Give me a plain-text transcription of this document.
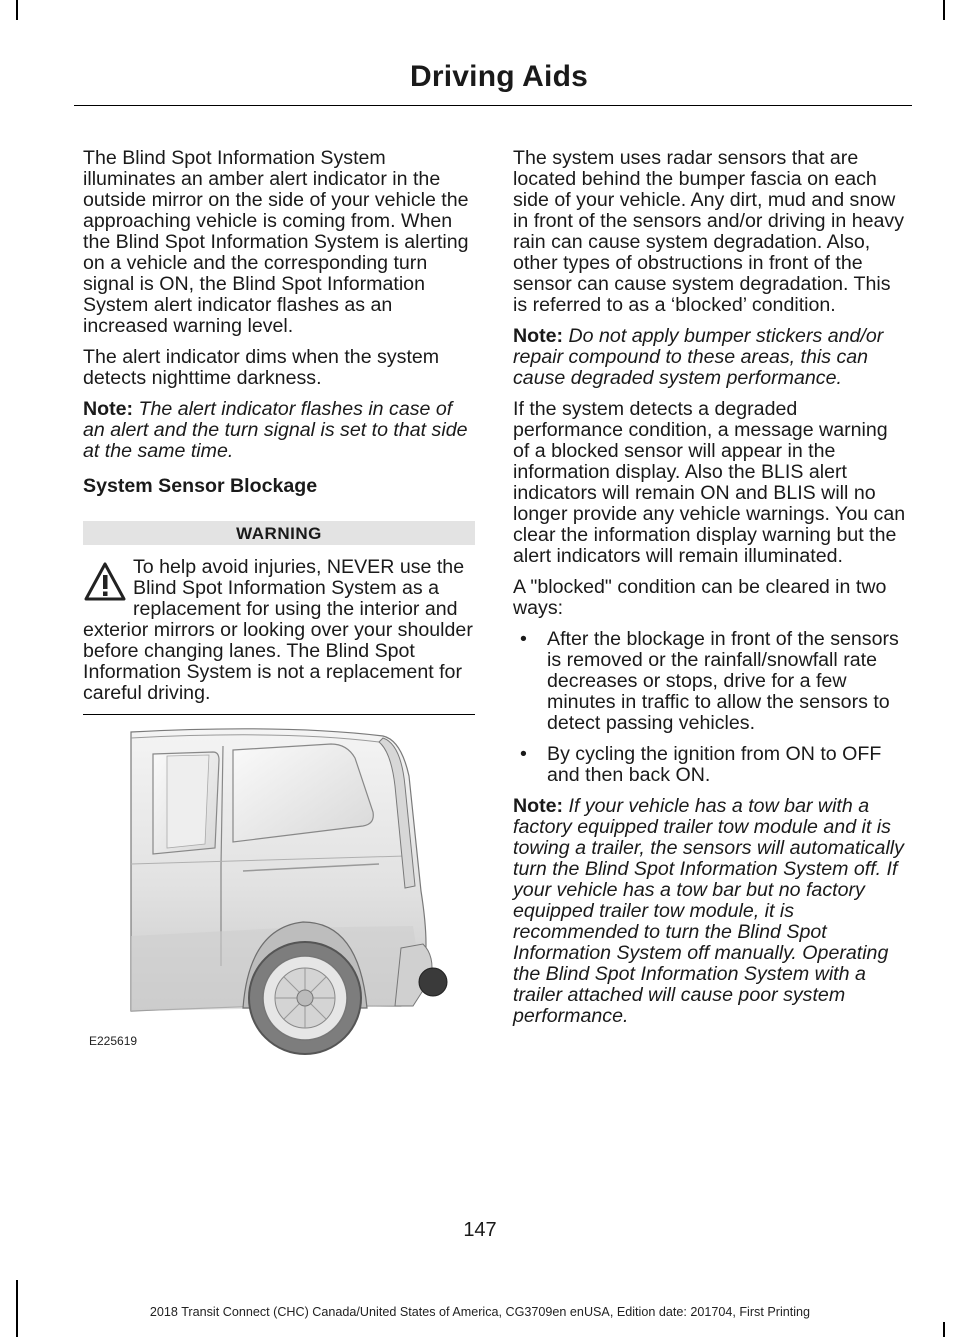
Driving Aids

The Blind Spot Information System illuminates an amber alert indicator in the outside mirror on the side of your vehicle the approaching vehicle is coming from. When the Blind Spot Information System is alerting on a vehicle and the corresponding turn signal is ON, the Blind Spot Information System alert indicator flashes as an increased warning level.

The alert indicator dims when the system detects nighttime darkness.

Note: The alert indicator flashes in case of an alert and the turn signal is set to that side at the same time.

System Sensor Blockage

WARNING
To help avoid injuries, NEVER use the Blind Spot Information System as a replacement for using the interior and exterior mirrors or looking over your shoulder before changing lanes. The Blind Spot Information System is not a replacement for careful driving.
E225619

The system uses radar sensors that are located behind the bumper fascia on each side of your vehicle. Any dirt, mud and snow in front of the sensors and/or driving in heavy rain can cause system degradation. Also, other types of obstructions in front of the sensor can cause system degradation. This is referred to as a ‘blocked’ condition.

Note: Do not apply bumper stickers and/or repair compound to these areas, this can cause degraded system performance.

If the system detects a degraded performance condition, a message warning of a blocked sensor will appear in the information display. Also the BLIS alert indicators will remain ON and BLIS will no longer provide any vehicle warnings. You can clear the information display warning but the alert indicators will remain illuminated.

A "blocked" condition can be cleared in two ways:

• After the blockage in front of the sensors is removed or the rainfall/snowfall rate decreases or stops, drive for a few minutes in traffic to allow the sensors to detect passing vehicles.
• By cycling the ignition from ON to OFF and then back ON.

Note: If your vehicle has a tow bar with a factory equipped trailer tow module and it is towing a trailer, the sensors will automatically turn the Blind Spot Information System off. If your vehicle has a tow bar but no factory equipped trailer tow module, it is recommended to turn the Blind Spot Information System off manually. Operating the Blind Spot Information System with a trailer attached will cause poor system performance.

147
2018 Transit Connect (CHC) Canada/United States of America, CG3709en enUSA, Edition date: 201704, First Printing
